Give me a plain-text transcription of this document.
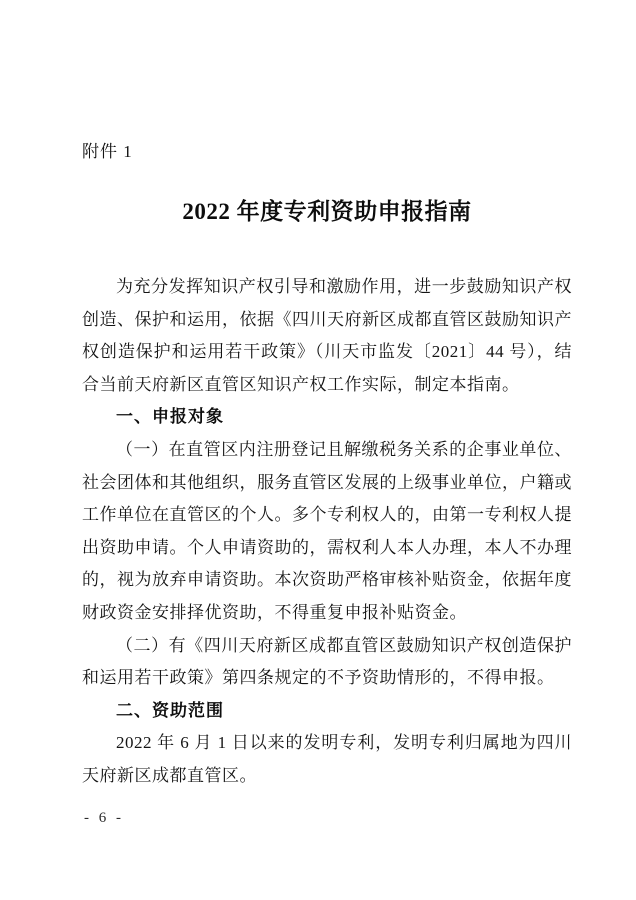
附件 1
2022 年度专利资助申报指南

为充分发挥知识产权引导和激励作用，进一步鼓励知识产权创造、保护和运用，依据《四川天府新区成都直管区鼓励知识产权创造保护和运用若干政策》（川天市监发〔2021〕44 号），结合当前天府新区直管区知识产权工作实际，制定本指南。

一、申报对象

（一）在直管区内注册登记且解缴税务关系的企事业单位、社会团体和其他组织，服务直管区发展的上级事业单位，户籍或工作单位在直管区的个人。多个专利权人的，由第一专利权人提出资助申请。个人申请资助的，需权利人本人办理，本人不办理的，视为放弃申请资助。本次资助严格审核补贴资金，依据年度财政资金安排择优资助，不得重复申报补贴资金。

（二）有《四川天府新区成都直管区鼓励知识产权创造保护和运用若干政策》第四条规定的不予资助情形的，不得申报。

二、资助范围

2022 年 6 月 1 日以来的发明专利，发明专利归属地为四川天府新区成都直管区。

- 6 -
